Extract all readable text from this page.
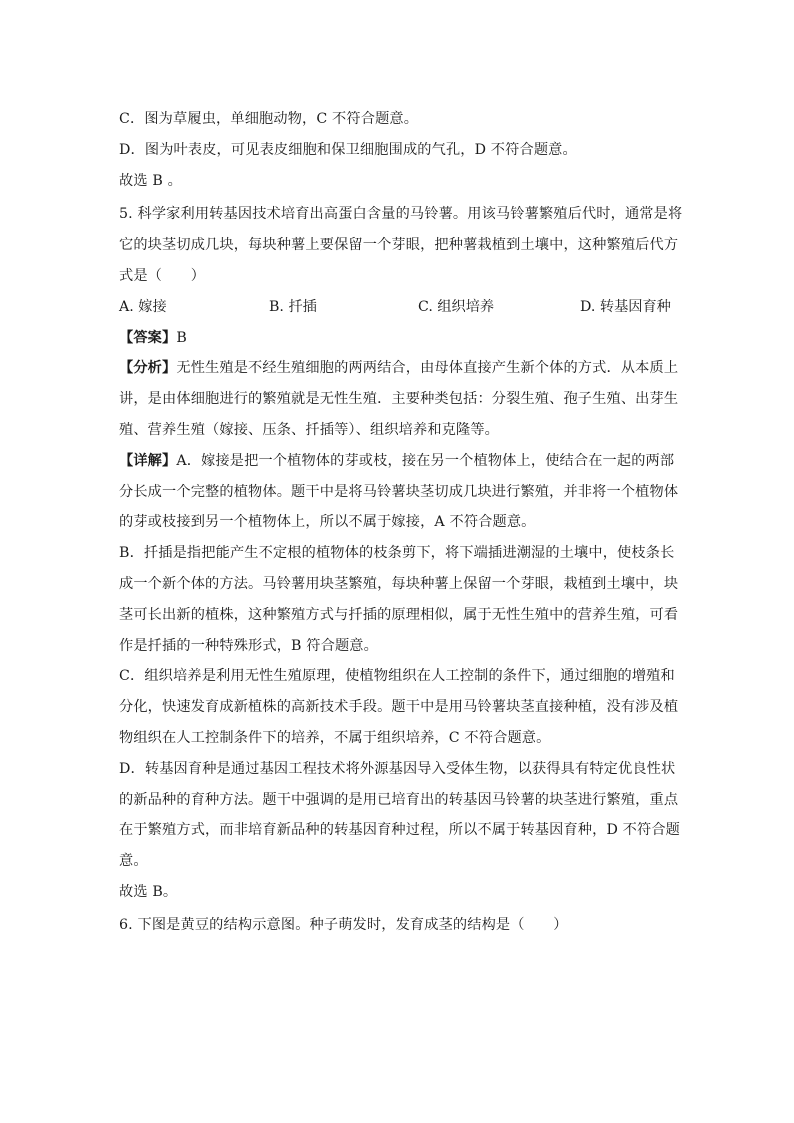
C．图为草履虫，单细胞动物，C 不符合题意。
D．图为叶表皮，可见表皮细胞和保卫细胞围成的气孔，D 不符合题意。
故选 B 。
5. 科学家利用转基因技术培育出高蛋白含量的马铃薯。用该马铃薯繁殖后代时，通常是将
它的块茎切成几块，每块种薯上要保留一个芽眼，把种薯栽植到土壤中，这种繁殖后代方
式是（　　）
A. 嫁接	B. 扦插	C. 组织培养	D. 转基因育种
【答案】B
【分析】无性生殖是不经生殖细胞的两两结合，由母体直接产生新个体的方式．从本质上
讲，是由体细胞进行的繁殖就是无性生殖．主要种类包括：分裂生殖、孢子生殖、出芽生
殖、营养生殖（嫁接、压条、扦插等）、组织培养和克隆等。
【详解】A．嫁接是把一个植物体的芽或枝，接在另一个植物体上，使结合在一起的两部
分长成一个完整的植物体。题干中是将马铃薯块茎切成几块进行繁殖，并非将一个植物体
的芽或枝接到另一个植物体上，所以不属于嫁接，A 不符合题意。
B．扦插是指把能产生不定根的植物体的枝条剪下，将下端插进潮湿的土壤中，使枝条长
成一个新个体的方法。马铃薯用块茎繁殖，每块种薯上保留一个芽眼，栽植到土壤中，块
茎可长出新的植株，这种繁殖方式与扦插的原理相似，属于无性生殖中的营养生殖，可看
作是扦插的一种特殊形式，B 符合题意。
C．组织培养是利用无性生殖原理，使植物组织在人工控制的条件下，通过细胞的增殖和
分化，快速发育成新植株的高新技术手段。题干中是用马铃薯块茎直接种植，没有涉及植
物组织在人工控制条件下的培养，不属于组织培养，C 不符合题意。
D．转基因育种是通过基因工程技术将外源基因导入受体生物，以获得具有特定优良性状
的新品种的育种方法。题干中强调的是用已培育出的转基因马铃薯的块茎进行繁殖，重点
在于繁殖方式，而非培育新品种的转基因育种过程，所以不属于转基因育种，D 不符合题
意。
故选 B。
6. 下图是黄豆的结构示意图。种子萌发时，发育成茎的结构是（　　）
